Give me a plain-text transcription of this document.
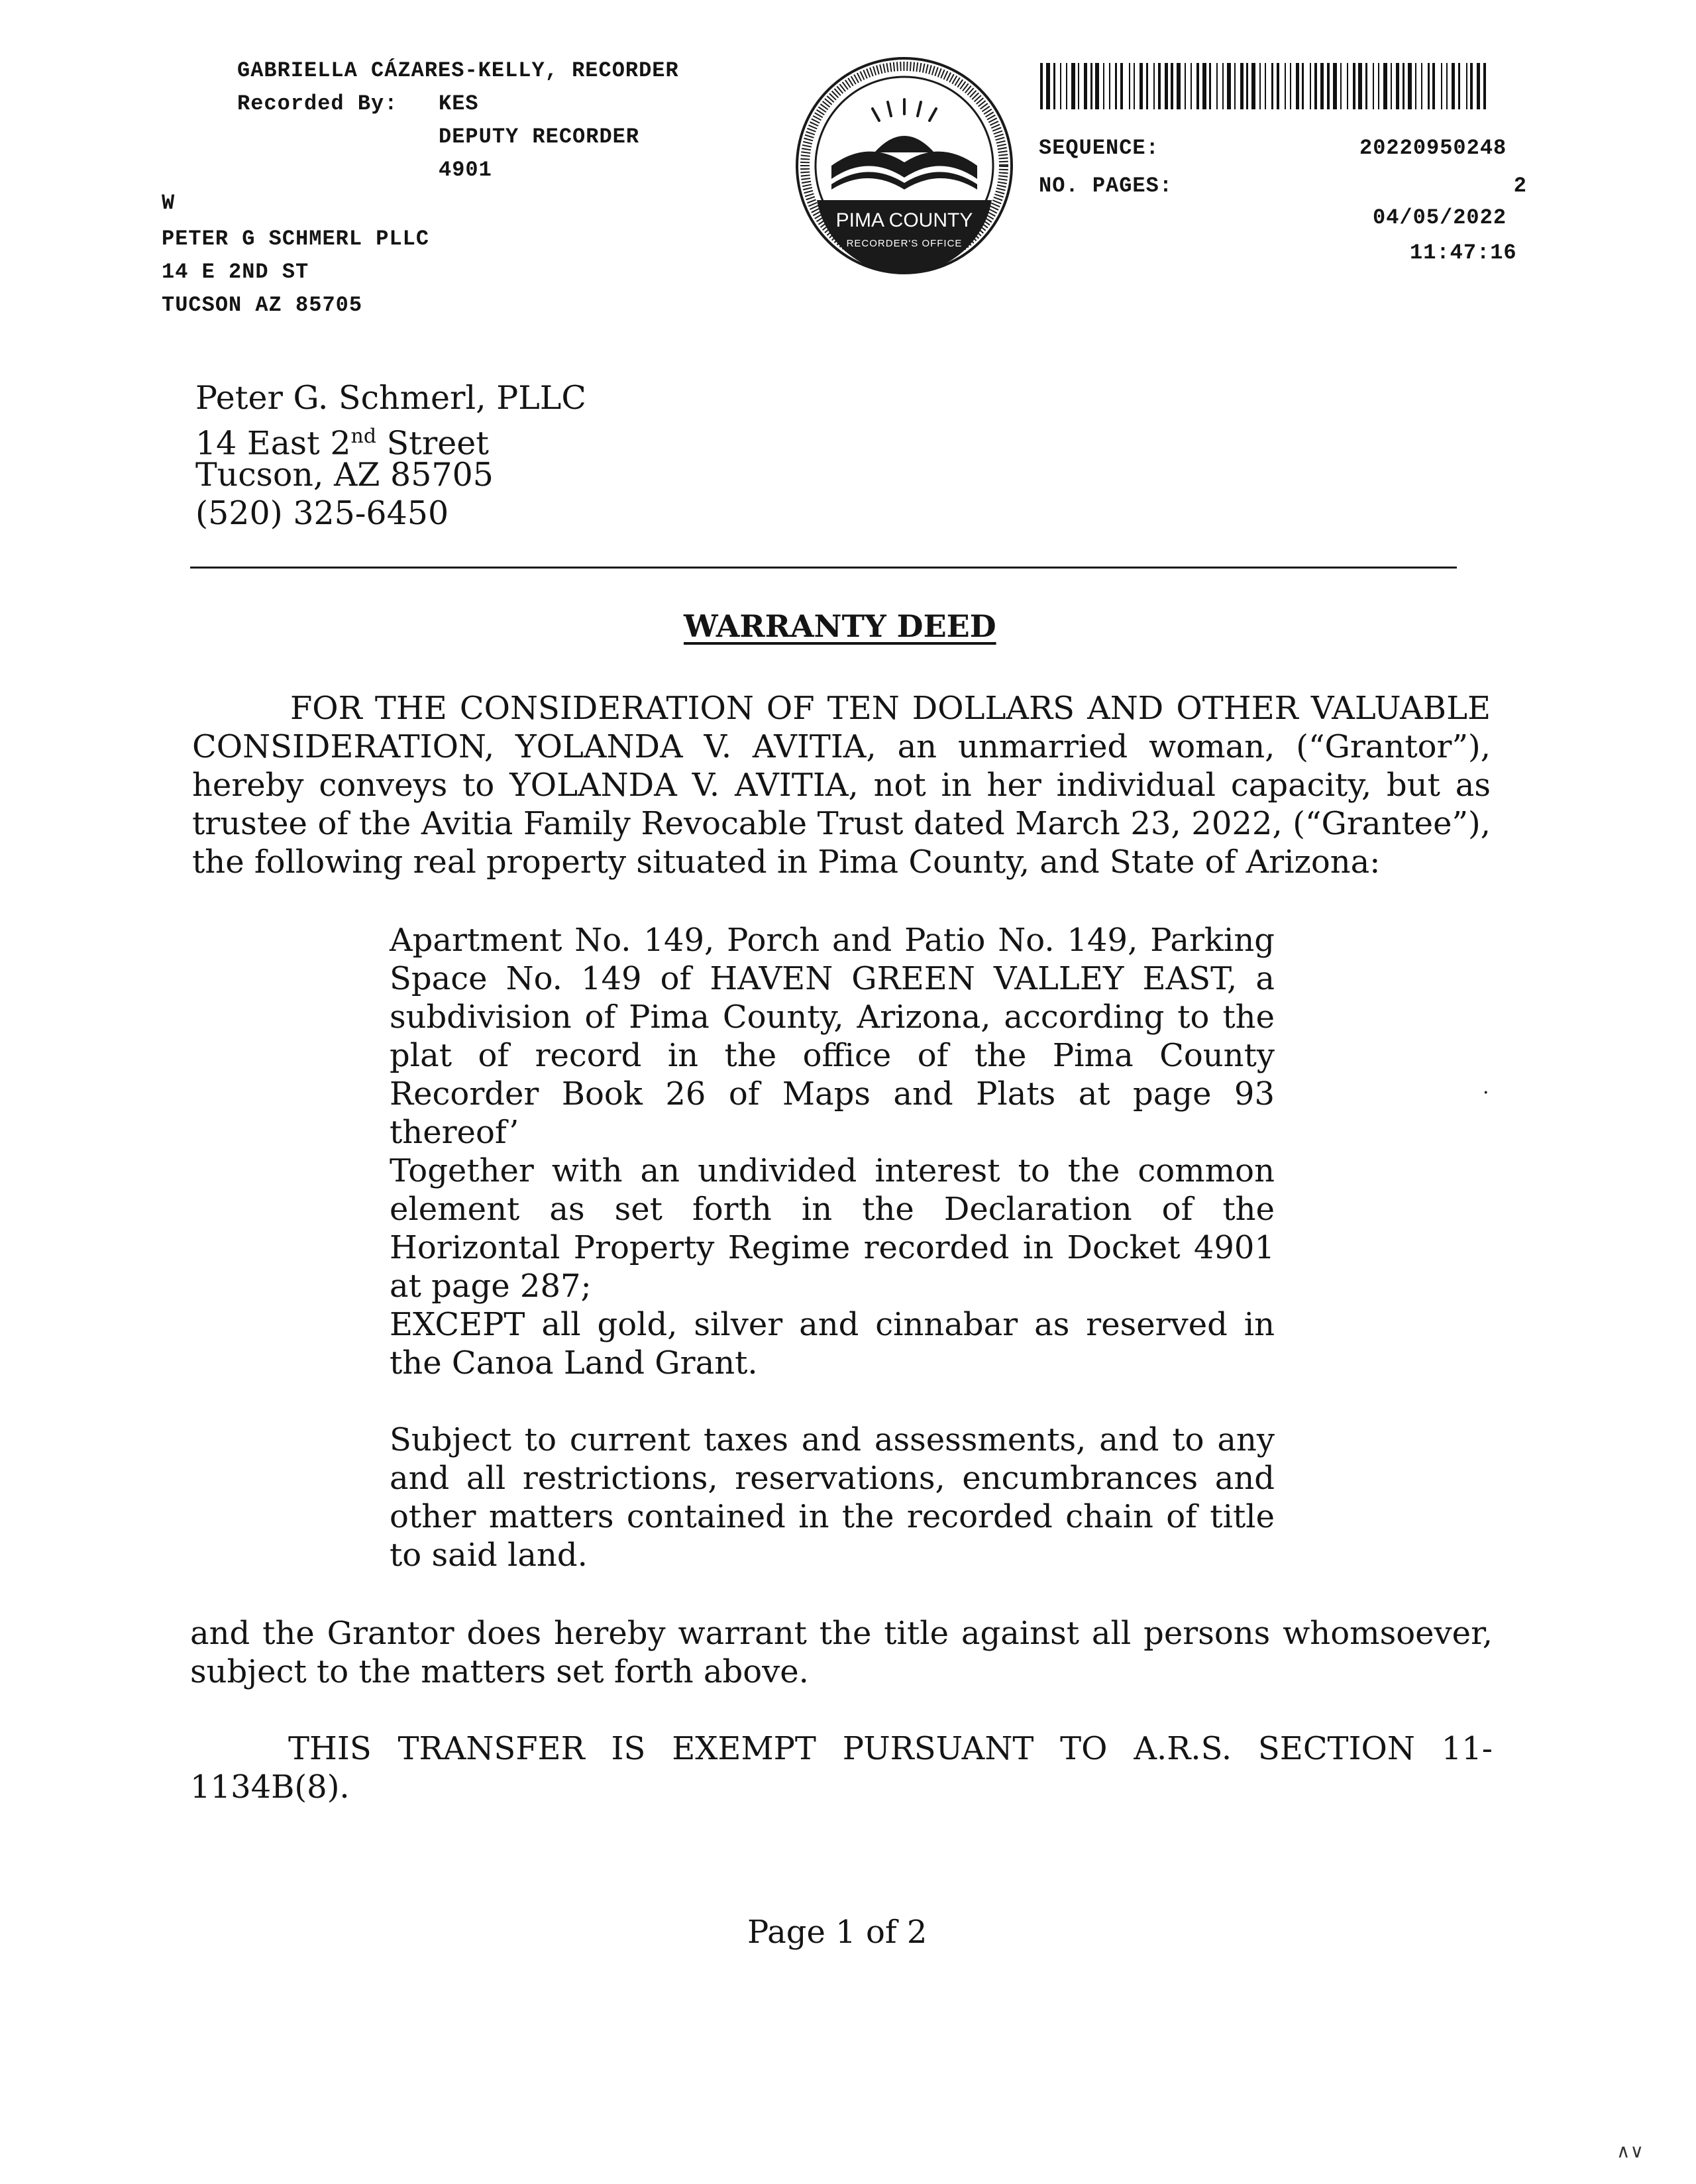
GABRIELLA CÁZARES-KELLY, RECORDER
Recorded By: KES
DEPUTY RECORDER
4901
W
PETER G SCHMERL PLLC
14 E 2ND ST
TUCSON AZ 85705
PIMA COUNTY
RECORDER'S OFFICE
SEQUENCE:	20220950248
NO. PAGES:	2
04/05/2022
11:47:16
Peter G. Schmerl, PLLC
14 East 2nd Street
Tucson, AZ 85705
(520) 325-6450
WARRANTY DEED
FOR THE CONSIDERATION OF TEN DOLLARS AND OTHER VALUABLE CONSIDERATION, YOLANDA V. AVITIA, an unmarried woman, (“Grantor”), hereby conveys to YOLANDA V. AVITIA, not in her individual capacity, but as trustee of the Avitia Family Revocable Trust dated March 23, 2022, (“Grantee”), the following real property situated in Pima County, and State of Arizona:
Apartment No. 149, Porch and Patio No. 149, Parking Space No. 149 of HAVEN GREEN VALLEY EAST, a subdivision of Pima County, Arizona, according to the plat of record in the office of the Pima County Recorder Book 26 of Maps and Plats at page 93 thereof’
·
Together with an undivided interest to the common element as set forth in the Declaration of the Horizontal Property Regime recorded in Docket 4901 at page 287;
EXCEPT all gold, silver and cinnabar as reserved in the Canoa Land Grant.
Subject to current taxes and assessments, and to any and all restrictions, reservations, encumbrances and other matters contained in the recorded chain of title to said land.
and the Grantor does hereby warrant the title against all persons whomsoever, subject to the matters set forth above.
THIS TRANSFER IS EXEMPT PURSUANT TO A.R.S. SECTION 11-1134B(8).
Page 1 of 2
∧∨
